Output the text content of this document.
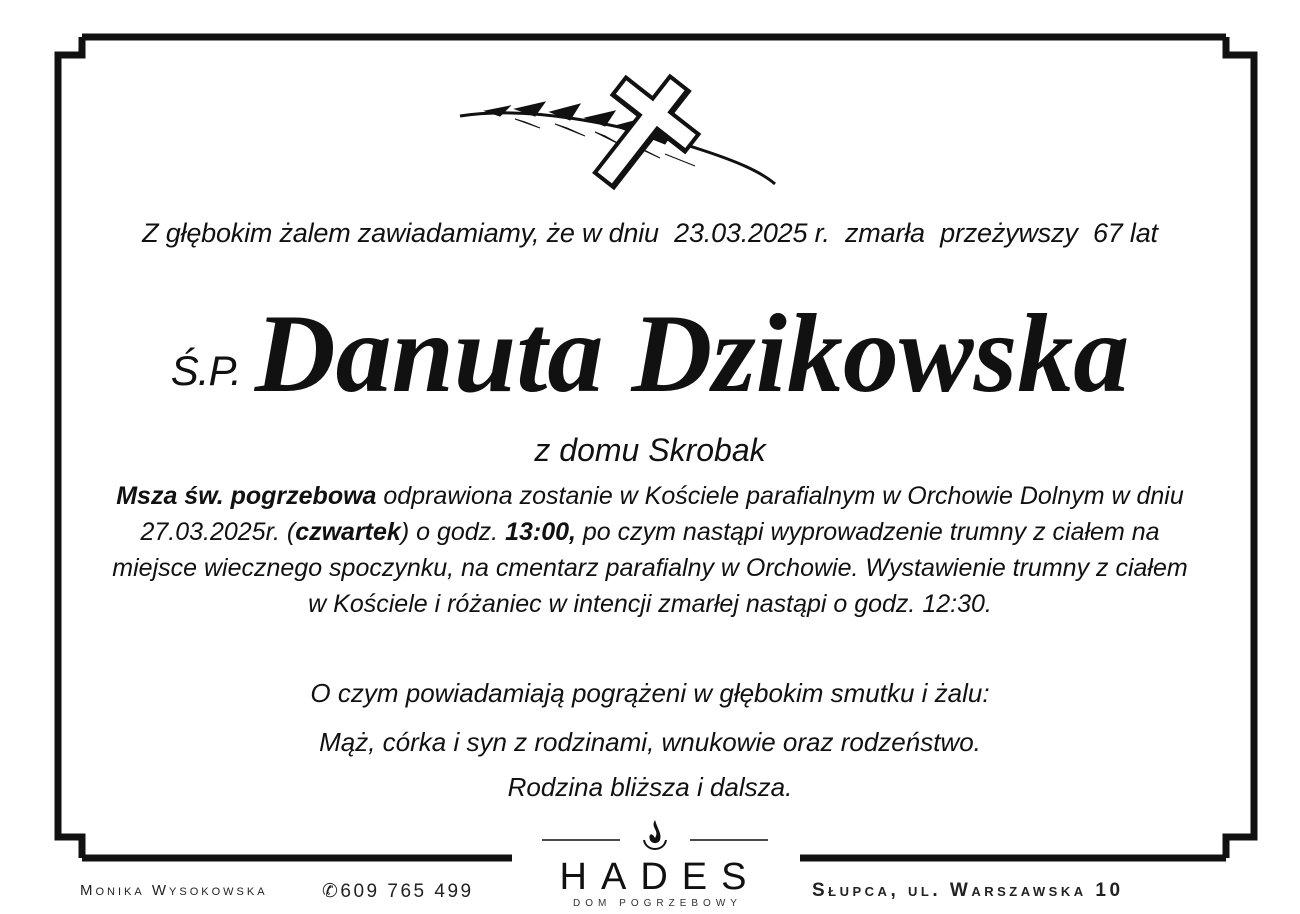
Z głębokim żalem zawiadamiamy, że w dniu 23.03.2025 r. zmarła przeżywszy 67 lat
Ś.P. Danuta Dzikowska
z domu Skrobak
Msza św. pogrzebowa odprawiona zostanie w Kościele parafialnym w Orchowie Dolnym w dniu 27.03.2025r. (czwartek) o godz. 13:00, po czym nastąpi wyprowadzenie trumny z ciałem na miejsce wiecznego spoczynku, na cmentarz parafialny w Orchowie. Wystawienie trumny z ciałem w Kościele i różaniec w intencji zmarłej nastąpi o godz. 12:30.
O czym powiadamiają pogrążeni w głębokim smutku i żalu:
Mąż, córka i syn z rodzinami, wnukowie oraz rodzeństwo.
Rodzina bliższa i dalsza.
Monika Wysokowska	✆609 765 499	HADES
DOM POGRZEBOWY
Słupca, ul. Warszawska 10
